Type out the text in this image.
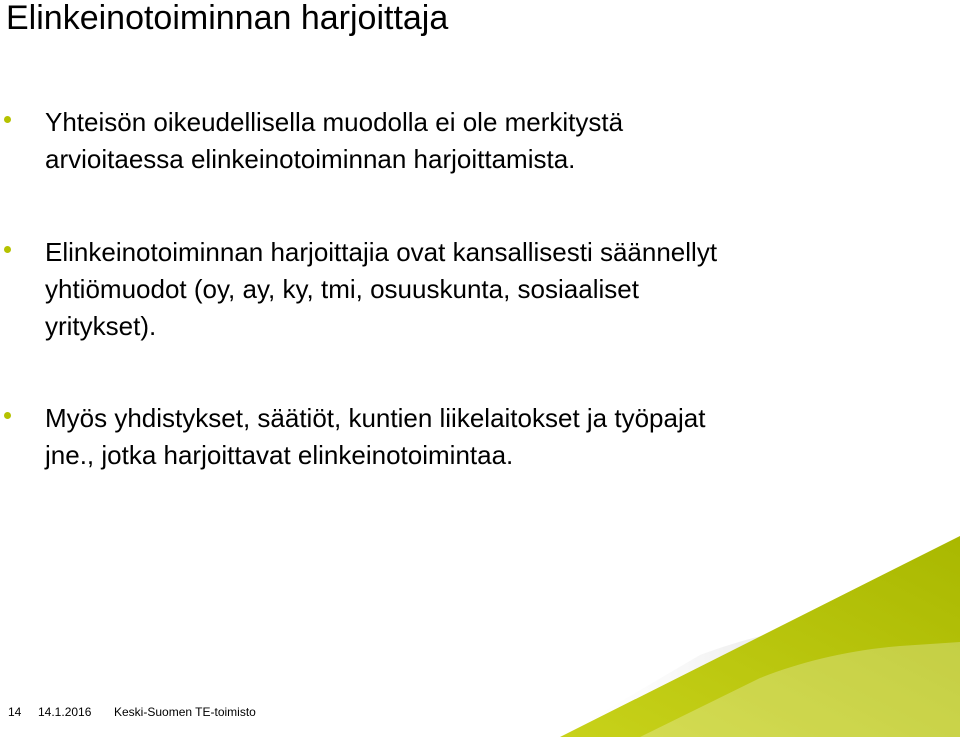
Elinkeinotoiminnan harjoittaja
Yhteisön oikeudellisella muodolla ei ole merkitystä
arvioitaessa elinkeinotoiminnan harjoittamista.
Elinkeinotoiminnan harjoittajia ovat kansallisesti säännellyt
yhtiömuodot (oy, ay, ky, tmi, osuuskunta, sosiaaliset
yritykset).
Myös yhdistykset, säätiöt, kuntien liikelaitokset ja työpajat
jne., jotka harjoittavat elinkeinotoimintaa.
14 14.1.2016 Keski-Suomen TE-toimisto
